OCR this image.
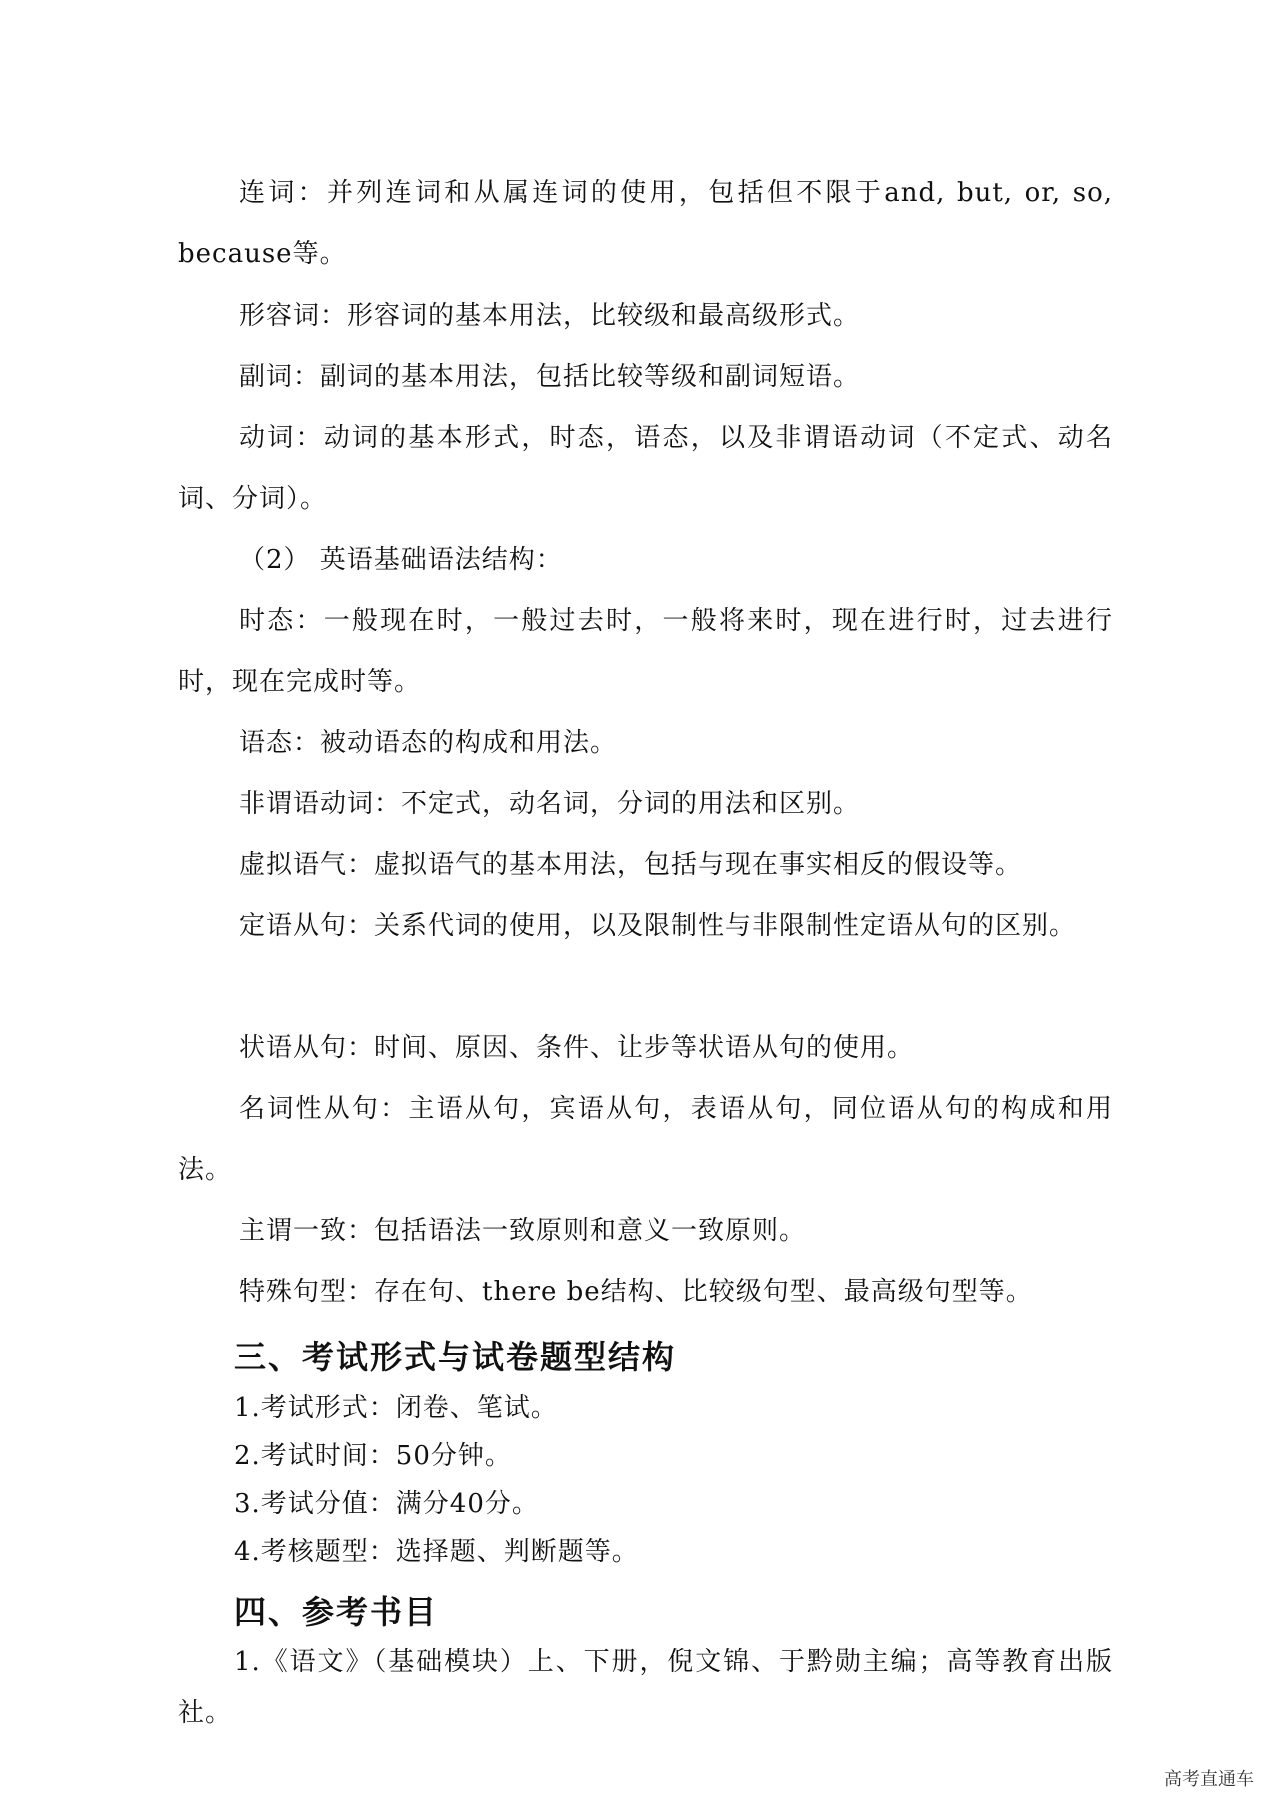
连词：并列连词和从属连词的使用，包括但不限于and, but, or, so, because等。

形容词：形容词的基本用法，比较级和最高级形式。

副词：副词的基本用法，包括比较等级和副词短语。

动词：动词的基本形式，时态，语态，以及非谓语动词（不定式、动名词、分词）。

（2） 英语基础语法结构：

时态：一般现在时，一般过去时，一般将来时，现在进行时，过去进行时，现在完成时等。

语态：被动语态的构成和用法。

非谓语动词：不定式，动名词，分词的用法和区别。

虚拟语气：虚拟语气的基本用法，包括与现在事实相反的假设等。

定语从句：关系代词的使用，以及限制性与非限制性定语从句的区别。

状语从句：时间、原因、条件、让步等状语从句的使用。

名词性从句：主语从句，宾语从句，表语从句，同位语从句的构成和用法。

主谓一致：包括语法一致原则和意义一致原则。

特殊句型：存在句、there be结构、比较级句型、最高级句型等。

三、考试形式与试卷题型结构

1.考试形式：闭卷、笔试。

2.考试时间：50分钟。

3.考试分值：满分40分。

4.考核题型：选择题、判断题等。

四、参考书目

1.《语文》（基础模块）上、下册，倪文锦、于黔勋主编；高等教育出版社。

高考直通车
